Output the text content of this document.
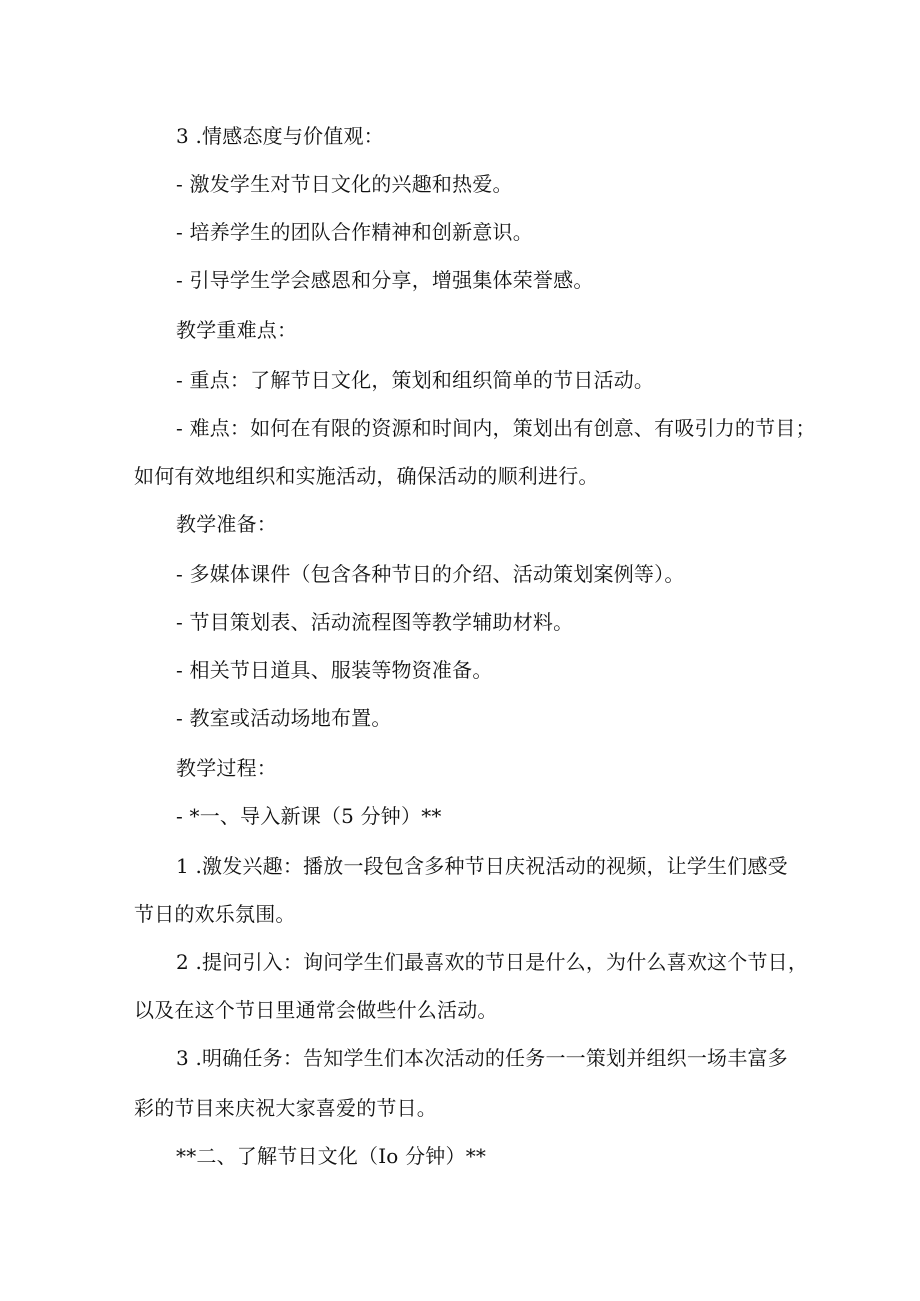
3 .情感态度与价值观：
- 激发学生对节日文化的兴趣和热爱。
- 培养学生的团队合作精神和创新意识。
- 引导学生学会感恩和分享，增强集体荣誉感。
教学重难点：
- 重点：了解节日文化，策划和组织简单的节日活动。
- 难点：如何在有限的资源和时间内，策划出有创意、有吸引力的节目；
如何有效地组织和实施活动，确保活动的顺利进行。
教学准备：
- 多媒体课件（包含各种节日的介绍、活动策划案例等）。
- 节目策划表、活动流程图等教学辅助材料。
- 相关节日道具、服装等物资准备。
- 教室或活动场地布置。
教学过程：
- *一、导入新课（5 分钟）**
1 .激发兴趣：播放一段包含多种节日庆祝活动的视频，让学生们感受
节日的欢乐氛围。
2 .提问引入：询问学生们最喜欢的节日是什么，为什么喜欢这个节日，
以及在这个节日里通常会做些什么活动。
3 .明确任务：告知学生们本次活动的任务一一策划并组织一场丰富多
彩的节目来庆祝大家喜爱的节日。
**二、了解节日文化（Io 分钟）**
